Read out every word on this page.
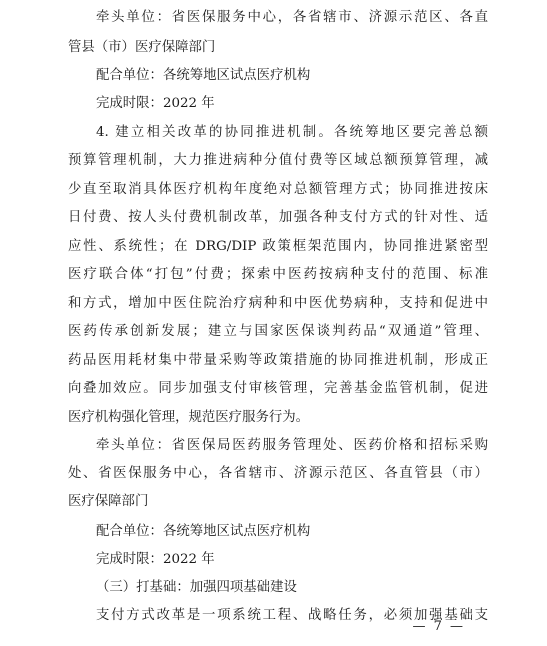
牵头单位：省医保服务中心，各省辖市、济源示范区、各直
管县（市）医疗保障部门
配合单位：各统筹地区试点医疗机构
完成时限：2022 年
4. 建立相关改革的协同推进机制。各统筹地区要完善总额
预算管理机制，大力推进病种分值付费等区域总额预算管理，减
少直至取消具体医疗机构年度绝对总额管理方式；协同推进按床
日付费、按人头付费机制改革，加强各种支付方式的针对性、适
应性、系统性；在 DRG/DIP 政策框架范围内，协同推进紧密型
医疗联合体“打包”付费；探索中医药按病种支付的范围、标准
和方式，增加中医住院治疗病种和中医优势病种，支持和促进中
医药传承创新发展；建立与国家医保谈判药品“双通道”管理、
药品医用耗材集中带量采购等政策措施的协同推进机制，形成正
向叠加效应。同步加强支付审核管理，完善基金监管机制，促进
医疗机构强化管理，规范医疗服务行为。
牵头单位：省医保局医药服务管理处、医药价格和招标采购
处、省医保服务中心，各省辖市、济源示范区、各直管县（市）
医疗保障部门
配合单位：各统筹地区试点医疗机构
完成时限：2022 年
（三）打基础：加强四项基础建设
支付方式改革是一项系统工程、战略任务，必须加强基础支
— 7 —
